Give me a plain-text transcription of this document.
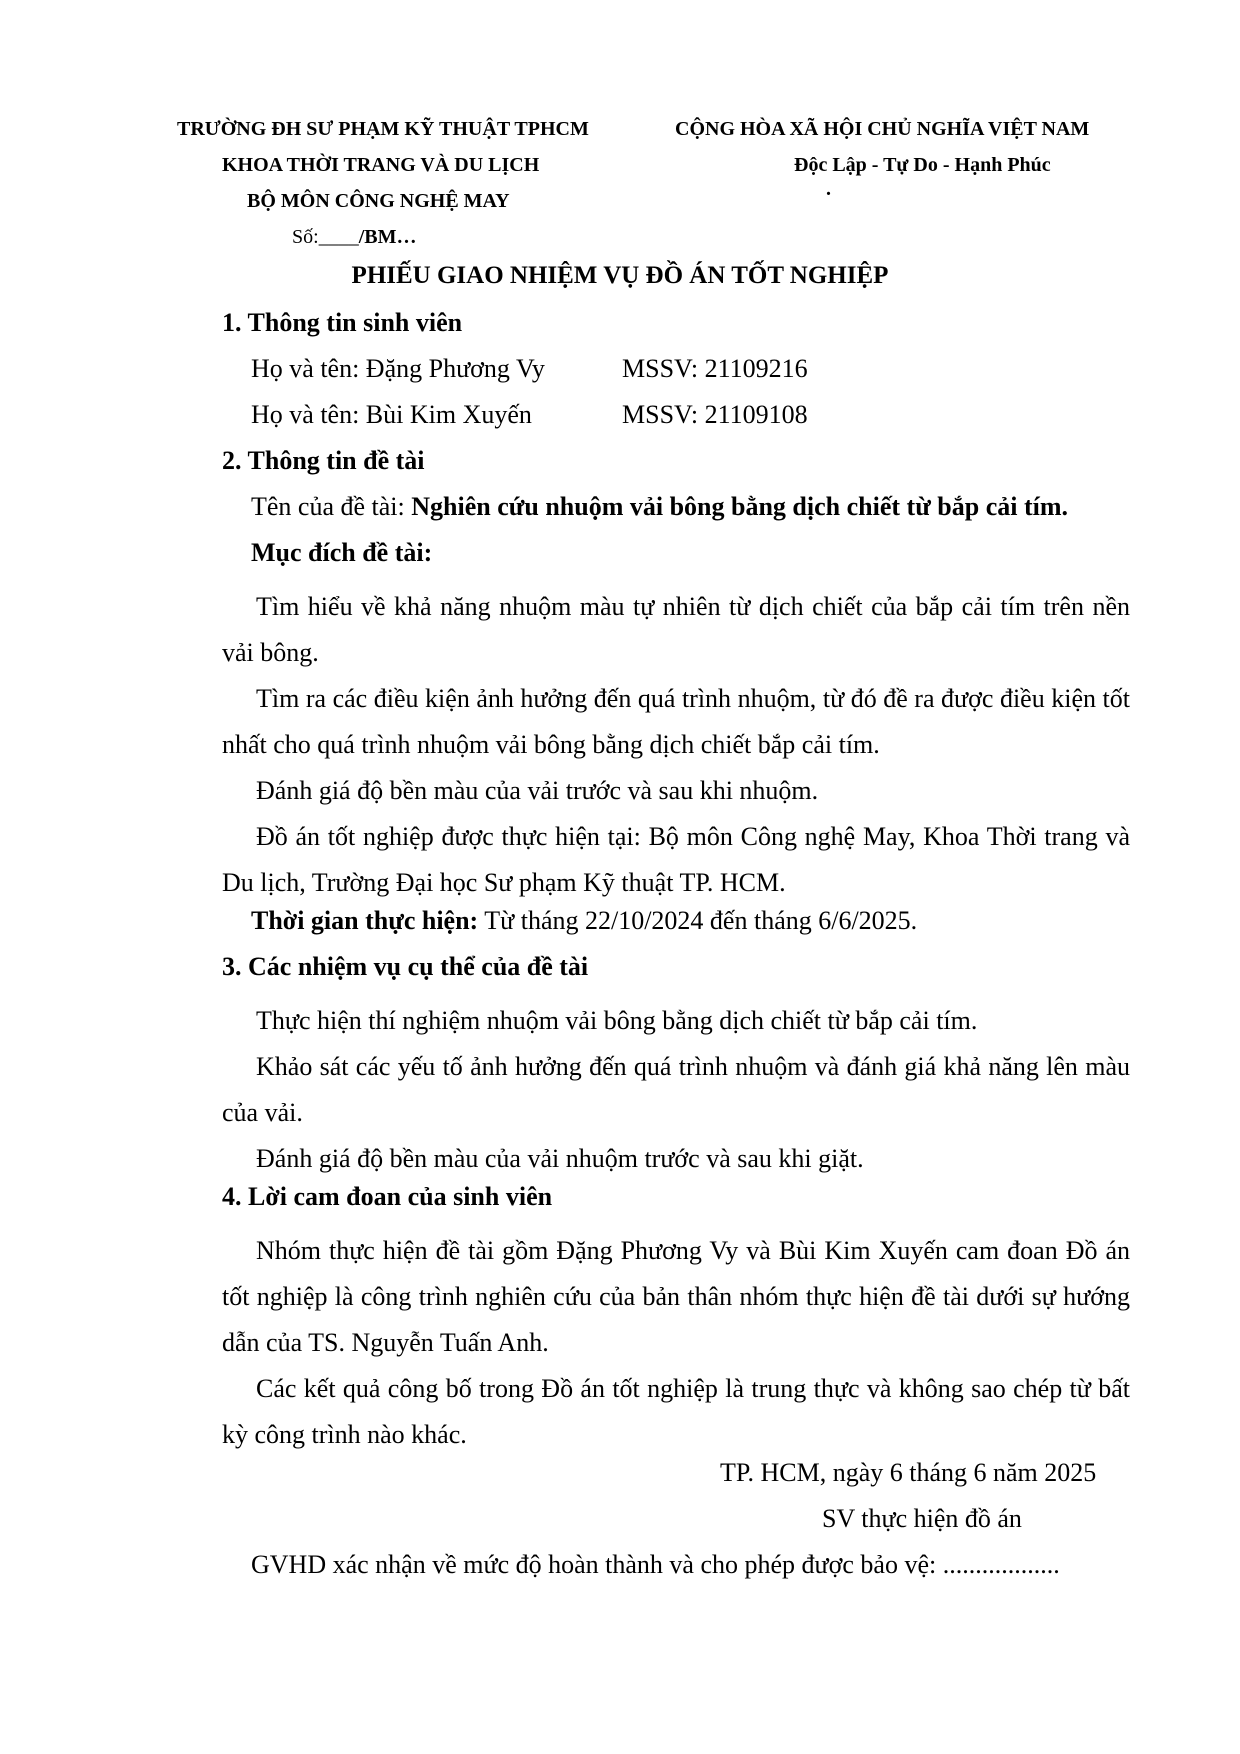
TRƯỜNG ĐH SƯ PHẠM KỸ THUẬT TPHCM
KHOA THỜI TRANG VÀ DU LỊCH
BỘ MÔN CÔNG NGHỆ MAY
Số:____/BM…
CỘNG HÒA XÃ HỘI CHỦ NGHĨA VIỆT NAM
Độc Lập - Tự Do - Hạnh Phúc
.
PHIẾU GIAO NHIỆM VỤ ĐỒ ÁN TỐT NGHIỆP
1. Thông tin sinh viên
Họ và tên: Đặng Phương Vy	MSSV: 21109216
Họ và tên: Bùi Kim Xuyến	MSSV: 21109108
2. Thông tin đề tài
Tên của đề tài: Nghiên cứu nhuộm vải bông bằng dịch chiết từ bắp cải tím.
Mục đích đề tài:
Tìm hiểu về khả năng nhuộm màu tự nhiên từ dịch chiết của bắp cải tím trên nền vải bông.
Tìm ra các điều kiện ảnh hưởng đến quá trình nhuộm, từ đó đề ra được điều kiện tốt nhất cho quá trình nhuộm vải bông bằng dịch chiết bắp cải tím.
Đánh giá độ bền màu của vải trước và sau khi nhuộm.
Đồ án tốt nghiệp được thực hiện tại: Bộ môn Công nghệ May, Khoa Thời trang và Du lịch, Trường Đại học Sư phạm Kỹ thuật TP. HCM.
Thời gian thực hiện: Từ tháng 22/10/2024 đến tháng 6/6/2025.
3. Các nhiệm vụ cụ thể của đề tài
Thực hiện thí nghiệm nhuộm vải bông bằng dịch chiết từ bắp cải tím.
Khảo sát các yếu tố ảnh hưởng đến quá trình nhuộm và đánh giá khả năng lên màu của vải.
Đánh giá độ bền màu của vải nhuộm trước và sau khi giặt.
4. Lời cam đoan của sinh viên
Nhóm thực hiện đề tài gồm Đặng Phương Vy và Bùi Kim Xuyến cam đoan Đồ án tốt nghiệp là công trình nghiên cứu của bản thân nhóm thực hiện đề tài dưới sự hướng dẫn của TS. Nguyễn Tuấn Anh.
Các kết quả công bố trong Đồ án tốt nghiệp là trung thực và không sao chép từ bất kỳ công trình nào khác.
TP. HCM, ngày 6 tháng 6 năm 2025
SV thực hiện đồ án
GVHD xác nhận về mức độ hoàn thành và cho phép được bảo vệ: ..................
